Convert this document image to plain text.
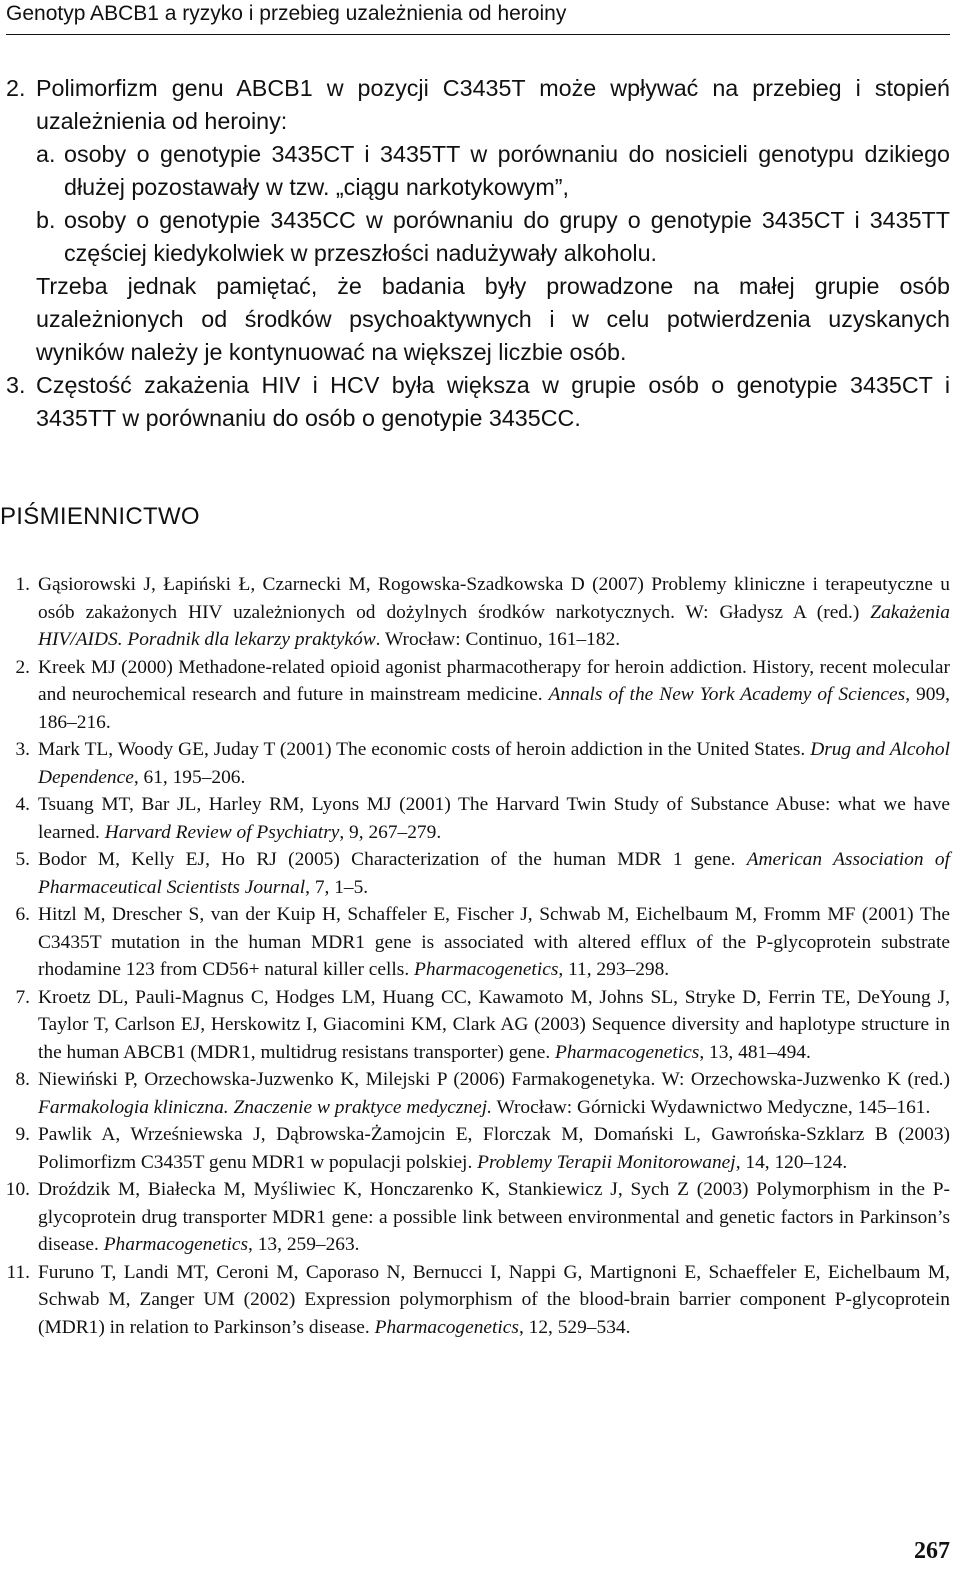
Genotyp ABCB1 a ryzyko i przebieg uzależnienia od heroiny

2. Polimorfizm genu ABCB1 w pozycji C3435T może wpływać na przebieg i stopień uzależnienia od heroiny:

a. osoby o genotypie 3435CT i 3435TT w porównaniu do nosicieli genotypu dzikiego dłużej pozostawały w tzw. „ciągu narkotykowym”,

b. osoby o genotypie 3435CC w porównaniu do grupy o genotypie 3435CT i 3435TT częściej kiedykolwiek w przeszłości nadużywały alkoholu.

Trzeba jednak pamiętać, że badania były prowadzone na małej grupie osób uzależnionych od środków psychoaktywnych i w celu potwierdzenia uzyskanych wyników należy je kontynuować na większej liczbie osób.

3. Częstość zakażenia HIV i HCV była większa w grupie osób o genotypie 3435CT i 3435TT w porównaniu do osób o genotypie 3435CC.

PIŚMIENNICTWO

1. Gąsiorowski J, Łapiński Ł, Czarnecki M, Rogowska-Szadkowska D (2007) Problemy kliniczne i terapeutyczne u osób zakażonych HIV uzależnionych od dożylnych środków narkotycznych. W: Gładysz A (red.) Zakażenia HIV/AIDS. Poradnik dla lekarzy praktyków. Wrocław: Continuo, 161–182.

2. Kreek MJ (2000) Methadone-related opioid agonist pharmacotherapy for heroin addiction. History, recent molecular and neurochemical research and future in mainstream medicine. Annals of the New York Academy of Sciences, 909, 186–216.

3. Mark TL, Woody GE, Juday T (2001) The economic costs of heroin addiction in the United States. Drug and Alcohol Dependence, 61, 195–206.

4. Tsuang MT, Bar JL, Harley RM, Lyons MJ (2001) The Harvard Twin Study of Substance Abuse: what we have learned. Harvard Review of Psychiatry, 9, 267–279.

5. Bodor M, Kelly EJ, Ho RJ (2005) Characterization of the human MDR 1 gene. American Association of Pharmaceutical Scientists Journal, 7, 1–5.

6. Hitzl M, Drescher S, van der Kuip H, Schaffeler E, Fischer J, Schwab M, Eichelbaum M, Fromm MF (2001) The C3435T mutation in the human MDR1 gene is associated with altered efflux of the P-glycoprotein substrate rhodamine 123 from CD56+ natural killer cells. Pharmacogenetics, 11, 293–298.

7. Kroetz DL, Pauli-Magnus C, Hodges LM, Huang CC, Kawamoto M, Johns SL, Stryke D, Ferrin TE, DeYoung J, Taylor T, Carlson EJ, Herskowitz I, Giacomini KM, Clark AG (2003) Sequence diversity and haplotype structure in the human ABCB1 (MDR1, multidrug resistans transporter) gene. Pharmacogenetics, 13, 481–494.

8. Niewiński P, Orzechowska-Juzwenko K, Milejski P (2006) Farmakogenetyka. W: Orzechowska-Juzwenko K (red.) Farmakologia kliniczna. Znaczenie w praktyce medycznej. Wrocław: Górnicki Wydawnictwo Medyczne, 145–161.

9. Pawlik A, Wrześniewska J, Dąbrowska-Żamojcin E, Florczak M, Domański L, Gawrońska-Szklarz B (2003) Polimorfizm C3435T genu MDR1 w populacji polskiej. Problemy Terapii Monitorowanej, 14, 120–124.

10. Droździk M, Białecka M, Myśliwiec K, Honczarenko K, Stankiewicz J, Sych Z (2003) Polymorphism in the P-glycoprotein drug transporter MDR1 gene: a possible link between environmental and genetic factors in Parkinson’s disease. Pharmacogenetics, 13, 259–263.

11. Furuno T, Landi MT, Ceroni M, Caporaso N, Bernucci I, Nappi G, Martignoni E, Schaeffeler E, Eichelbaum M, Schwab M, Zanger UM (2002) Expression polymorphism of the blood-brain barrier component P-glycoprotein (MDR1) in relation to Parkinson’s disease. Pharmacogenetics, 12, 529–534.

267
